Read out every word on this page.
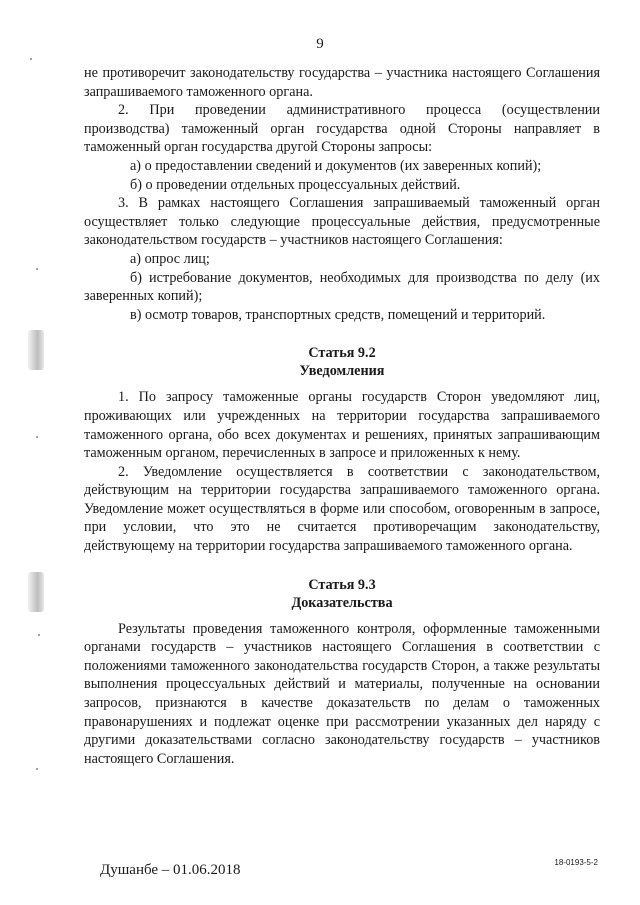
9

не противоречит законодательству государства – участника настоящего Соглашения запрашиваемого таможенного органа.

2. При проведении административного процесса (осуществлении производства) таможенный орган государства одной Стороны направляет в таможенный орган государства другой Стороны запросы:

а) о предоставлении сведений и документов (их заверенных копий);

б) о проведении отдельных процессуальных действий.

3. В рамках настоящего Соглашения запрашиваемый таможенный орган осуществляет только следующие процессуальные действия, предусмотренные законодательством государств – участников настоящего Соглашения:

а) опрос лиц;

б) истребование документов, необходимых для производства по делу (их заверенных копий);

в) осмотр товаров, транспортных средств, помещений и территорий.

Статья 9.2
Уведомления

1. По запросу таможенные органы государств Сторон уведомляют лиц, проживающих или учрежденных на территории государства запрашиваемого таможенного органа, обо всех документах и решениях, принятых запрашивающим таможенным органом, перечисленных в запросе и приложенных к нему.

2. Уведомление осуществляется в соответствии с законодательством, действующим на территории государства запрашиваемого таможенного органа. Уведомление может осуществляться в форме или способом, оговоренным в запросе, при условии, что это не считается противоречащим законодательству, действующему на территории государства запрашиваемого таможенного органа.

Статья 9.3
Доказательства

Результаты проведения таможенного контроля, оформленные таможенными органами государств – участников настоящего Соглашения в соответствии с положениями таможенного законодательства государств Сторон, а также результаты выполнения процессуальных действий и материалы, полученные на основании запросов, признаются в качестве доказательств по делам о таможенных правонарушениях и подлежат оценке при рассмотрении указанных дел наряду с другими доказательствами согласно законодательству государств – участников настоящего Соглашения.

Душанбе – 01.06.2018	18-0193-5-2
